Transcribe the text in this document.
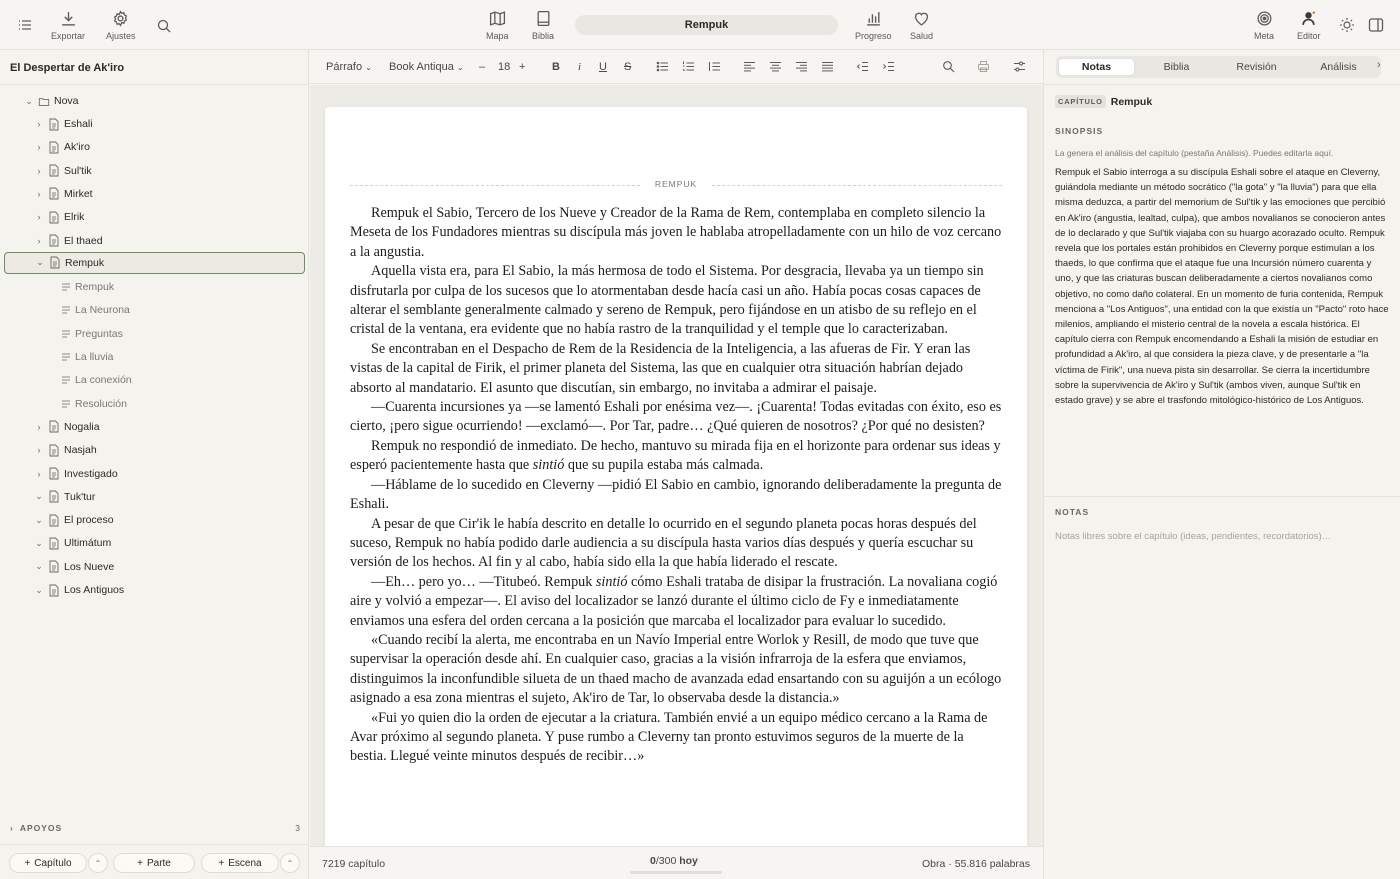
Exportar Ajustes	Mapa	Biblia
Rempuk
Progreso Salud	Meta	Editor
El Despertar de Ak'iro
⌄ Nova
›	Eshali
›	Ak'iro
›	Sul'tik
›	Mirket
›	Elrik
›	El thaed
⌄ Rempuk
Rempuk
La Neurona
Preguntas
La lluvia
La conexión
Resolución
›	Nogalia
›	Nasjah
›	Investigado
⌄ Tuk'tur
⌄ El proceso
⌄ Ultimátum
⌄ Los Nueve
⌄ Los Antiguos
› APOYOS	3
+ Capítulo	⌃	+ Parte	+ Escena	⌃
Párrafo ⌄ Book Antiqua ⌄ – 18 + B i U S
REMPUK

Rempuk el Sabio, Tercero de los Nueve y Creador de la Rama de Rem, contemplaba en completo silencio la Meseta de los Fundadores mientras su discípula más joven le hablaba atropelladamente con un hilo de voz cercano a la angustia.

Aquella vista era, para El Sabio, la más hermosa de todo el Sistema. Por desgracia, llevaba ya un tiempo sin disfrutarla por culpa de los sucesos que lo atormentaban desde hacía casi un año. Había pocas cosas capaces de alterar el semblante generalmente calmado y sereno de Rempuk, pero fijándose en un atisbo de su reflejo en el cristal de la ventana, era evidente que no había rastro de la tranquilidad y el temple que lo caracterizaban.

Se encontraban en el Despacho de Rem de la Residencia de la Inteligencia, a las afueras de Fir. Y eran las vistas de la capital de Firik, el primer planeta del Sistema, las que en cualquier otra situación habrían dejado absorto al mandatario. El asunto que discutían, sin embargo, no invitaba a admirar el paisaje.

—Cuarenta incursiones ya —se lamentó Eshali por enésima vez—. ¡Cuarenta! Todas evitadas con éxito, eso es cierto, ¡pero sigue ocurriendo! —exclamó—. Por Tar, padre… ¿Qué quieren de nosotros? ¿Por qué no desisten?

Rempuk no respondió de inmediato. De hecho, mantuvo su mirada fija en el horizonte para ordenar sus ideas y esperó pacientemente hasta que sintió que su pupila estaba más calmada.

—Háblame de lo sucedido en Cleverny —pidió El Sabio en cambio, ignorando deliberadamente la pregunta de Eshali.

A pesar de que Cir'ik le había descrito en detalle lo ocurrido en el segundo planeta pocas horas después del suceso, Rempuk no había podido darle audiencia a su discípula hasta varios días después y quería escuchar su versión de los hechos. Al fin y al cabo, había sido ella la que había liderado el rescate.

—Eh… pero yo… —Titubeó. Rempuk sintió cómo Eshali trataba de disipar la frustración. La novaliana cogió aire y volvió a empezar—. El aviso del localizador se lanzó durante el último ciclo de Fy e inmediatamente enviamos una esfera del orden cercana a la posición que marcaba el localizador para evaluar lo sucedido.

«Cuando recibí la alerta, me encontraba en un Navío Imperial entre Worlok y Resill, de modo que tuve que supervisar la operación desde ahí. En cualquier caso, gracias a la visión infrarroja de la esfera que enviamos, distinguimos la inconfundible silueta de un thaed macho de avanzada edad ensartando con su aguijón a un ecólogo asignado a esa zona mientras el sujeto, Ak'iro de Tar, lo observaba desde la distancia.»

«Fui yo quien dio la orden de ejecutar a la criatura. También envié a un equipo médico cercano a la Rama de Avar próximo al segundo planeta. Y puse rumbo a Cleverny tan pronto estuvimos seguros de la muerte de la bestia. Llegué veinte minutos después de recibir…»

7219 capítulo	0/300 hoy	Obra · 55.816 palabras
Notas	Biblia	Revisión	Análisis	›
CAPÍTULO Rempuk
SINOPSIS
La genera el análisis del capítulo (pestaña Análisis). Puedes editarla aquí.
Rempuk el Sabio interroga a su discípula Eshali sobre el ataque en Cleverny, guiándola mediante un método socrático ("la gota" y "la lluvia") para que ella misma deduzca, a partir del memorium de Sul'tik y las emociones que percibió en Ak'iro (angustia, lealtad, culpa), que ambos novalianos se conocieron antes de lo declarado y que Sul'tik viajaba con su huargo acorazado oculto. Rempuk revela que los portales están prohibidos en Cleverny porque estimulan a los thaeds, lo que confirma que el ataque fue una Incursión número cuarenta y uno, y que las criaturas buscan deliberadamente a ciertos novalianos como objetivo, no como daño colateral. En un momento de furia contenida, Rempuk menciona a "Los Antiguos", una entidad con la que existía un "Pacto" roto hace milenios, ampliando el misterio central de la novela a escala histórica. El capítulo cierra con Rempuk encomendando a Eshali la misión de estudiar en profundidad a Ak'iro, al que considera la pieza clave, y de presentarle a "la víctima de Firik", una nueva pista sin desarrollar. Se cierra la incertidumbre sobre la supervivencia de Ak'iro y Sul'tik (ambos viven, aunque Sul'tik en estado grave) y se abre el trasfondo mitológico-histórico de Los Antiguos.
NOTAS
Notas libres sobre el capítulo (ideas, pendientes, recordatorios)…
